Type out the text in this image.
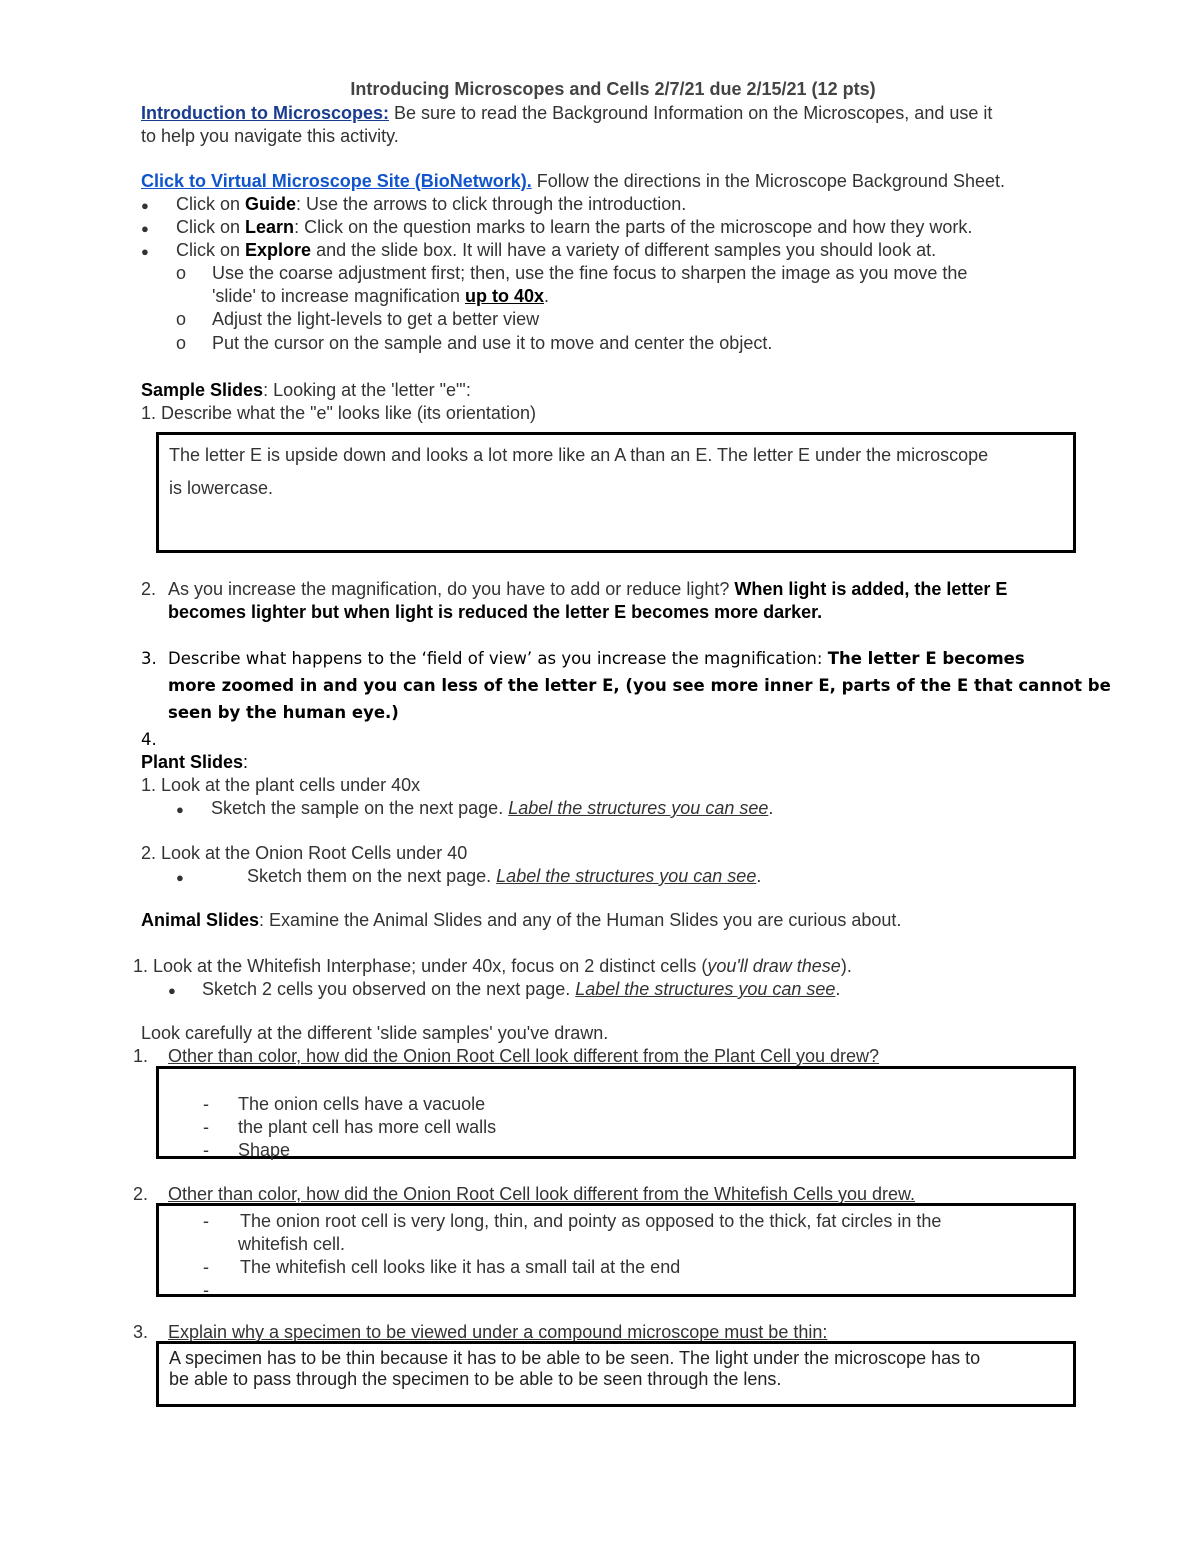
Introducing Microscopes and Cells 2/7/21 due 2/15/21 (12 pts)
Introduction to Microscopes: Be sure to read the Background Information on the Microscopes, and use it
to help you navigate this activity.
Click to Virtual Microscope Site (BioNetwork). Follow the directions in the Microscope Background Sheet.
● Click on Guide: Use the arrows to click through the introduction.
● Click on Learn: Click on the question marks to learn the parts of the microscope and how they work.
● Click on Explore and the slide box. It will have a variety of different samples you should look at.
o Use the coarse adjustment first; then, use the fine focus to sharpen the image as you move the
'slide' to increase magnification up to 40x.
o Adjust the light-levels to get a better view
o Put the cursor on the sample and use it to move and center the object.
Sample Slides: Looking at the 'letter "e"':
1. Describe what the "e" looks like (its orientation)
The letter E is upside down and looks a lot more like an A than an E. The letter E under the microscope
is lowercase.
2. As you increase the magnification, do you have to add or reduce light? When light is added, the letter E
becomes lighter but when light is reduced the letter E becomes more darker.
3. Describe what happens to the ‘field of view’ as you increase the magnification: The letter E becomes
more zoomed in and you can less of the letter E, (you see more inner E, parts of the E that cannot be
seen by the human eye.)
4.
Plant Slides:
1. Look at the plant cells under 40x
● Sketch the sample on the next page. Label the structures you can see.
2. Look at the Onion Root Cells under 40
●	Sketch them on the next page. Label the structures you can see.
Animal Slides: Examine the Animal Slides and any of the Human Slides you are curious about.
1. Look at the Whitefish Interphase; under 40x, focus on 2 distinct cells (you'll draw these).
● Sketch 2 cells you observed on the next page. Label the structures you can see.
Look carefully at the different 'slide samples' you've drawn.
1. Other than color, how did the Onion Root Cell look different from the Plant Cell you drew?
- The onion cells have a vacuole
- the plant cell has more cell walls
- Shape
2. Other than color, how did the Onion Root Cell look different from the Whitefish Cells you drew.
- The onion root cell is very long, thin, and pointy as opposed to the thick, fat circles in the
whitefish cell.
- The whitefish cell looks like it has a small tail at the end
-
3. Explain why a specimen to be viewed under a compound microscope must be thin:
A specimen has to be thin because it has to be able to be seen. The light under the microscope has to
be able to pass through the specimen to be able to be seen through the lens.
